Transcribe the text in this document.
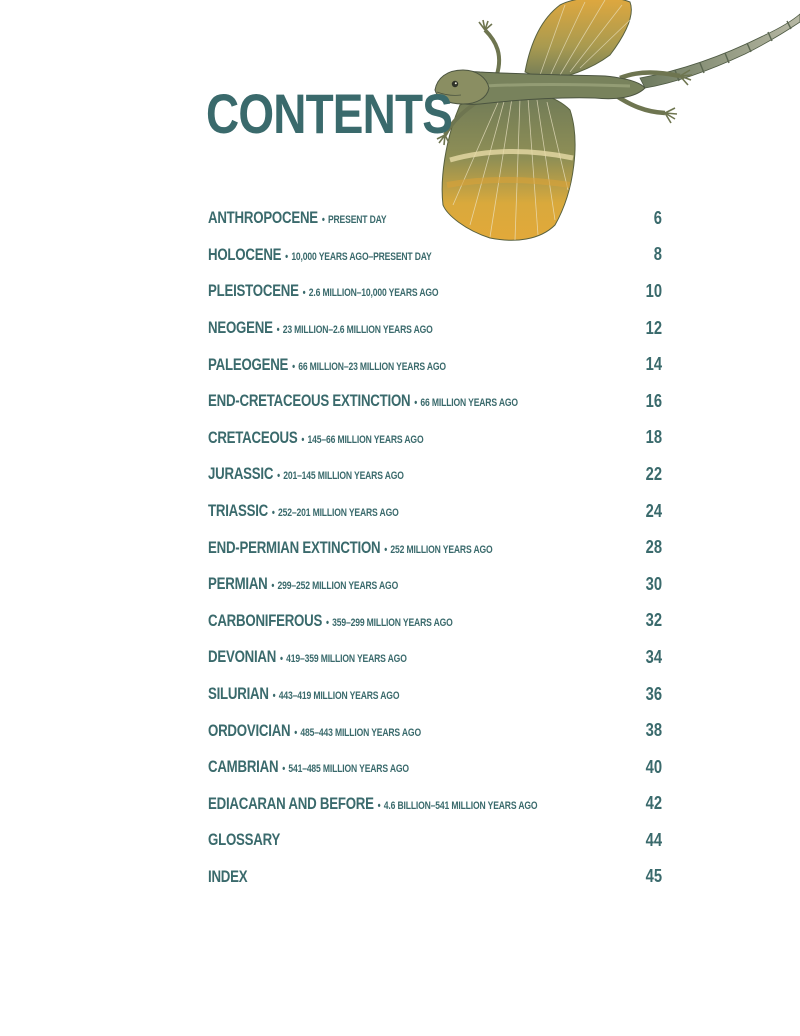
CONTENTS
ANTHROPOCENE • PRESENT DAY	6
HOLOCENE • 10,000 YEARS AGO–PRESENT DAY	8
PLEISTOCENE • 2.6 MILLION–10,000 YEARS AGO	10
NEOGENE • 23 MILLION–2.6 MILLION YEARS AGO	12
PALEOGENE • 66 MILLION–23 MILLION YEARS AGO	14
END-CRETACEOUS EXTINCTION • 66 MILLION YEARS AGO	16
CRETACEOUS • 145–66 MILLION YEARS AGO	18
JURASSIC • 201–145 MILLION YEARS AGO	22
TRIASSIC • 252–201 MILLION YEARS AGO	24
END-PERMIAN EXTINCTION • 252 MILLION YEARS AGO	28
PERMIAN • 299–252 MILLION YEARS AGO	30
CARBONIFEROUS • 359–299 MILLION YEARS AGO	32
DEVONIAN • 419–359 MILLION YEARS AGO	34
SILURIAN • 443–419 MILLION YEARS AGO	36
ORDOVICIAN • 485–443 MILLION YEARS AGO	38
CAMBRIAN • 541–485 MILLION YEARS AGO	40
EDIACARAN AND BEFORE • 4.6 BILLION–541 MILLION YEARS AGO	42
GLOSSARY	44
INDEX	45
